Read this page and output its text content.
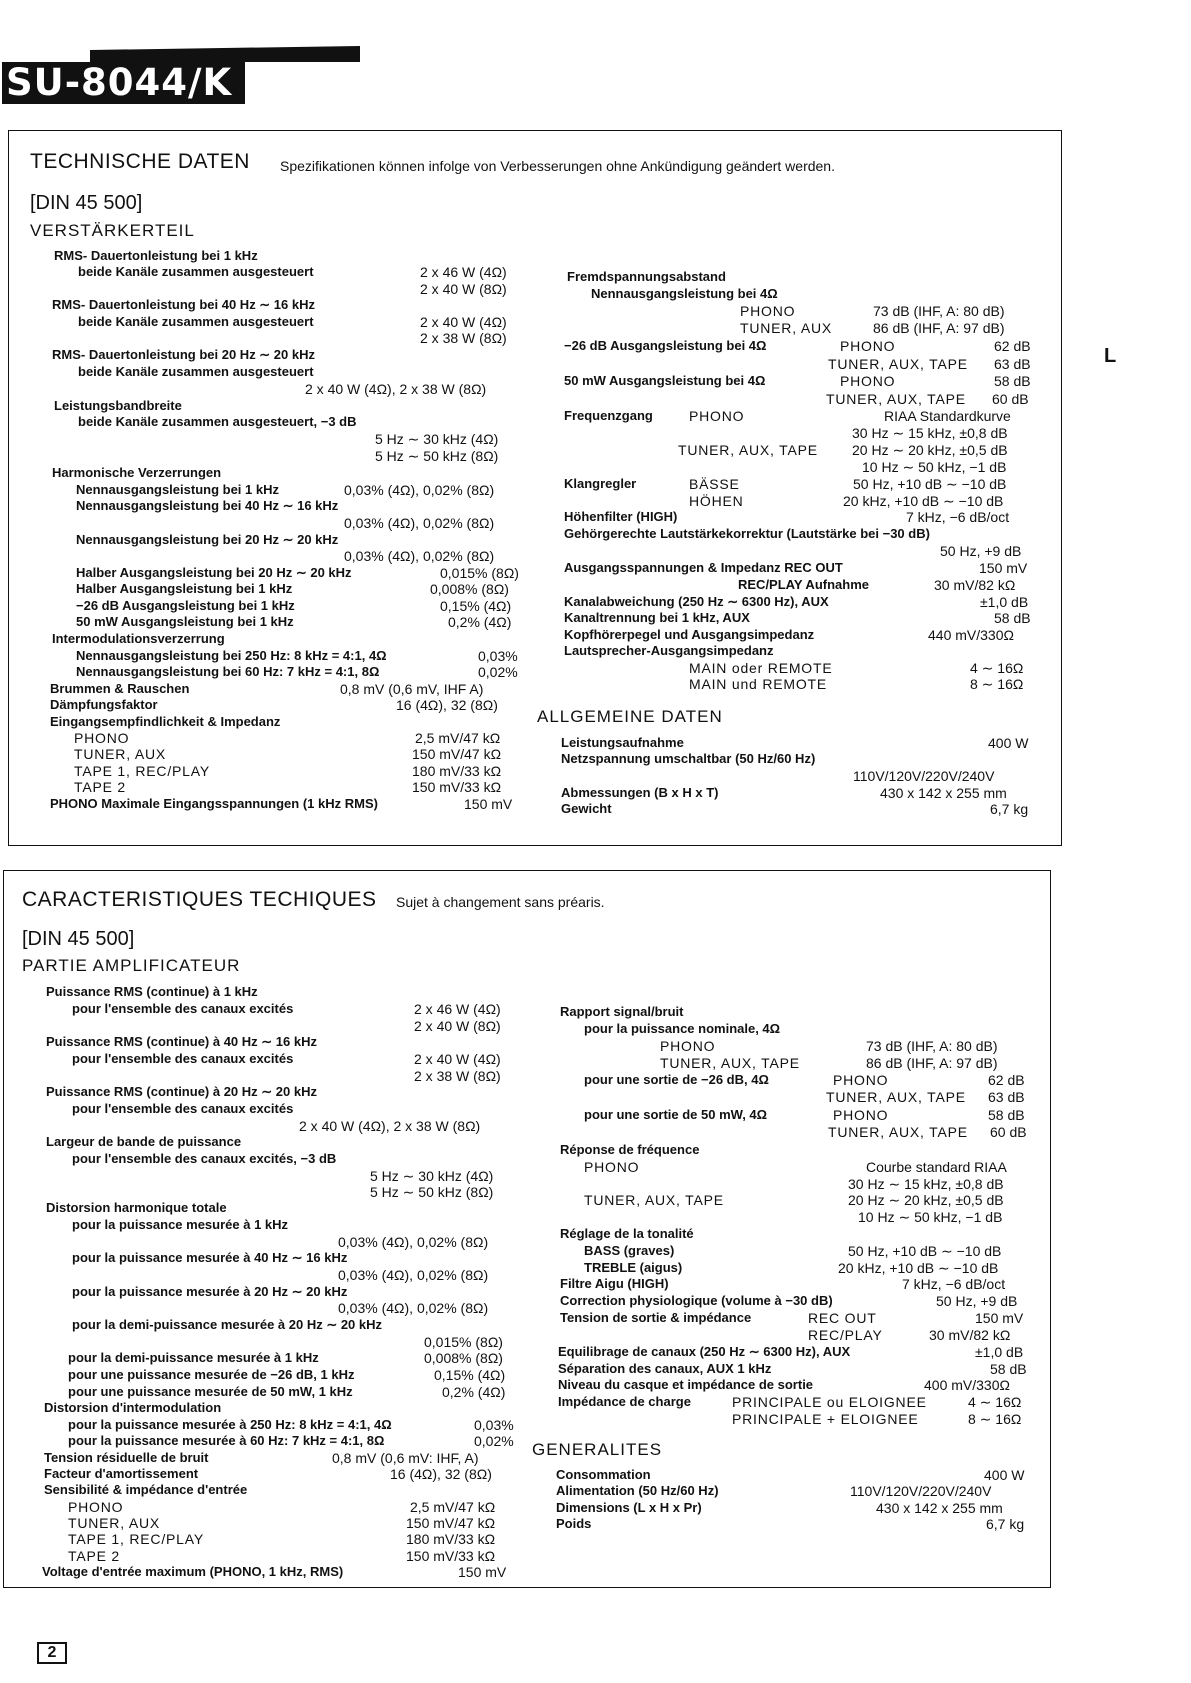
SU-8044/K
L
TECHNISCHE DATEN Spezifikationen können infolge von Verbesserungen ohne Ankündigung geändert werden.
[DIN 45 500]
VERSTÄRKERTEIL
RMS- Dauertonleistung bei 1 kHz
beide Kanäle zusammen ausgesteuert	2 x 46 W (4Ω)
2 x 40 W (8Ω)
RMS- Dauertonleistung bei 40 Hz ∼ 16 kHz
beide Kanäle zusammen ausgesteuert	2 x 40 W (4Ω)
2 x 38 W (8Ω)
RMS- Dauertonleistung bei 20 Hz ∼ 20 kHz
beide Kanäle zusammen ausgesteuert
2 x 40 W (4Ω), 2 x 38 W (8Ω)
Leistungsbandbreite
beide Kanäle zusammen ausgesteuert, −3 dB
5 Hz ∼ 30 kHz (4Ω)
5 Hz ∼ 50 kHz (8Ω)
Harmonische Verzerrungen
Nennausgangsleistung bei 1 kHz	0,03% (4Ω), 0,02% (8Ω)
Nennausgangsleistung bei 40 Hz ∼ 16 kHz
0,03% (4Ω), 0,02% (8Ω)
Nennausgangsleistung bei 20 Hz ∼ 20 kHz
0,03% (4Ω), 0,02% (8Ω)
Halber Ausgangsleistung bei 20 Hz ∼ 20 kHz	0,015% (8Ω)
Halber Ausgangsleistung bei 1 kHz	0,008% (8Ω)
−26 dB Ausgangsleistung bei 1 kHz	0,15% (4Ω)
50 mW Ausgangsleistung bei 1 kHz	0,2% (4Ω)
Intermodulationsverzerrung
Nennausgangsleistung bei 250 Hz: 8 kHz = 4:1, 4Ω	0,03%
Nennausgangsleistung bei 60 Hz: 7 kHz = 4:1, 8Ω	0,02%
Brummen & Rauschen	0,8 mV (0,6 mV, IHF A)
Dämpfungsfaktor	16 (4Ω), 32 (8Ω)
Eingangsempfindlichkeit & Impedanz
PHONO	2,5 mV/47 kΩ
TUNER, AUX	150 mV/47 kΩ
TAPE 1, REC/PLAY	180 mV/33 kΩ
TAPE 2	150 mV/33 kΩ
PHONO Maximale Eingangsspannungen (1 kHz RMS)	150 mV
Fremdspannungsabstand
Nennausgangsleistung bei 4Ω
PHONO	73 dB (IHF, A: 80 dB)
TUNER, AUX	86 dB (IHF, A: 97 dB)
−26 dB Ausgangsleistung bei 4Ω	PHONO	62 dB
TUNER, AUX, TAPE 63 dB
50 mW Ausgangsleistung bei 4Ω	PHONO	58 dB
TUNER, AUX, TAPE 60 dB
Frequenzgang	PHONO	RIAA Standardkurve
30 Hz ∼ 15 kHz, ±0,8 dB
TUNER, AUX, TAPE 20 Hz ∼ 20 kHz, ±0,5 dB
10 Hz ∼ 50 kHz, −1 dB
Klangregler	BÄSSE	50 Hz, +10 dB ∼ −10 dB
HÖHEN	20 kHz, +10 dB ∼ −10 dB
Höhenfilter (HIGH)	7 kHz, −6 dB/oct
Gehörgerechte Lautstärkekorrektur (Lautstärke bei −30 dB)
50 Hz, +9 dB
Ausgangsspannungen & Impedanz REC OUT	150 mV
REC/PLAY Aufnahme	30 mV/82 kΩ
Kanalabweichung (250 Hz ∼ 6300 Hz), AUX	±1,0 dB
Kanaltrennung bei 1 kHz, AUX	58 dB
Kopfhörerpegel und Ausgangsimpedanz	440 mV/330Ω
Lautsprecher-Ausgangsimpedanz
MAIN oder REMOTE	4 ∼ 16Ω
MAIN und REMOTE	8 ∼ 16Ω
ALLGEMEINE DATEN
Leistungsaufnahme	400 W
Netzspannung umschaltbar (50 Hz/60 Hz)
110V/120V/220V/240V
Abmessungen (B x H x T)	430 x 142 x 255 mm
Gewicht	6,7 kg
CARACTERISTIQUES TECHIQUES Sujet à changement sans préaris.
[DIN 45 500]
PARTIE AMPLIFICATEUR
Puissance RMS (continue) à 1 kHz
pour l'ensemble des canaux excités	2 x 46 W (4Ω)
2 x 40 W (8Ω)
Puissance RMS (continue) à 40 Hz ∼ 16 kHz
pour l'ensemble des canaux excités	2 x 40 W (4Ω)
2 x 38 W (8Ω)
Puissance RMS (continue) à 20 Hz ∼ 20 kHz
pour l'ensemble des canaux excités
2 x 40 W (4Ω), 2 x 38 W (8Ω)
Largeur de bande de puissance
pour l'ensemble des canaux excités, −3 dB
5 Hz ∼ 30 kHz (4Ω)
5 Hz ∼ 50 kHz (8Ω)
Distorsion harmonique totale
pour la puissance mesurée à 1 kHz
0,03% (4Ω), 0,02% (8Ω)
pour la puissance mesurée à 40 Hz ∼ 16 kHz
0,03% (4Ω), 0,02% (8Ω)
pour la puissance mesurée à 20 Hz ∼ 20 kHz
0,03% (4Ω), 0,02% (8Ω)
pour la demi-puissance mesurée à 20 Hz ∼ 20 kHz
0,015% (8Ω)
pour la demi-puissance mesurée à 1 kHz	0,008% (8Ω)
pour une puissance mesurée de −26 dB, 1 kHz	0,15% (4Ω)
pour une puissance mesurée de 50 mW, 1 kHz	0,2% (4Ω)
Distorsion d'intermodulation
pour la puissance mesurée à 250 Hz: 8 kHz = 4:1, 4Ω	0,03%
pour la puissance mesurée à 60 Hz: 7 kHz = 4:1, 8Ω	0,02%
Tension résiduelle de bruit	0,8 mV (0,6 mV: IHF, A)
Facteur d'amortissement	16 (4Ω), 32 (8Ω)
Sensibilité & impédance d'entrée
PHONO	2,5 mV/47 kΩ
TUNER, AUX	150 mV/47 kΩ
TAPE 1, REC/PLAY	180 mV/33 kΩ
TAPE 2	150 mV/33 kΩ
Voltage d'entrée maximum (PHONO, 1 kHz, RMS)	150 mV
Rapport signal/bruit
pour la puissance nominale, 4Ω
PHONO	73 dB (IHF, A: 80 dB)
TUNER, AUX, TAPE	86 dB (IHF, A: 97 dB)
pour une sortie de −26 dB, 4Ω	PHONO	62 dB
TUNER, AUX, TAPE 63 dB
pour une sortie de 50 mW, 4Ω	PHONO	58 dB
TUNER, AUX, TAPE 60 dB
Réponse de fréquence
PHONO	Courbe standard RIAA
30 Hz ∼ 15 kHz, ±0,8 dB
TUNER, AUX, TAPE	20 Hz ∼ 20 kHz, ±0,5 dB
10 Hz ∼ 50 kHz, −1 dB
Réglage de la tonalité
BASS (graves)	50 Hz, +10 dB ∼ −10 dB
TREBLE (aigus)	20 kHz, +10 dB ∼ −10 dB
Filtre Aigu (HIGH)	7 kHz, −6 dB/oct
Correction physiologique (volume à −30 dB)	50 Hz, +9 dB
Tension de sortie & impédance	REC OUT	150 mV
REC/PLAY	30 mV/82 kΩ
Equilibrage de canaux (250 Hz ∼ 6300 Hz), AUX	±1,0 dB
Séparation des canaux, AUX 1 kHz	58 dB
Niveau du casque et impédance de sortie	400 mV/330Ω
Impédance de charge	PRINCIPALE ou ELOIGNEE	4 ∼ 16Ω
PRINCIPALE + ELOIGNEE	8 ∼ 16Ω
GENERALITES
Consommation	400 W
Alimentation (50 Hz/60 Hz)	110V/120V/220V/240V
Dimensions (L x H x Pr)	430 x 142 x 255 mm
Poids	6,7 kg
2
